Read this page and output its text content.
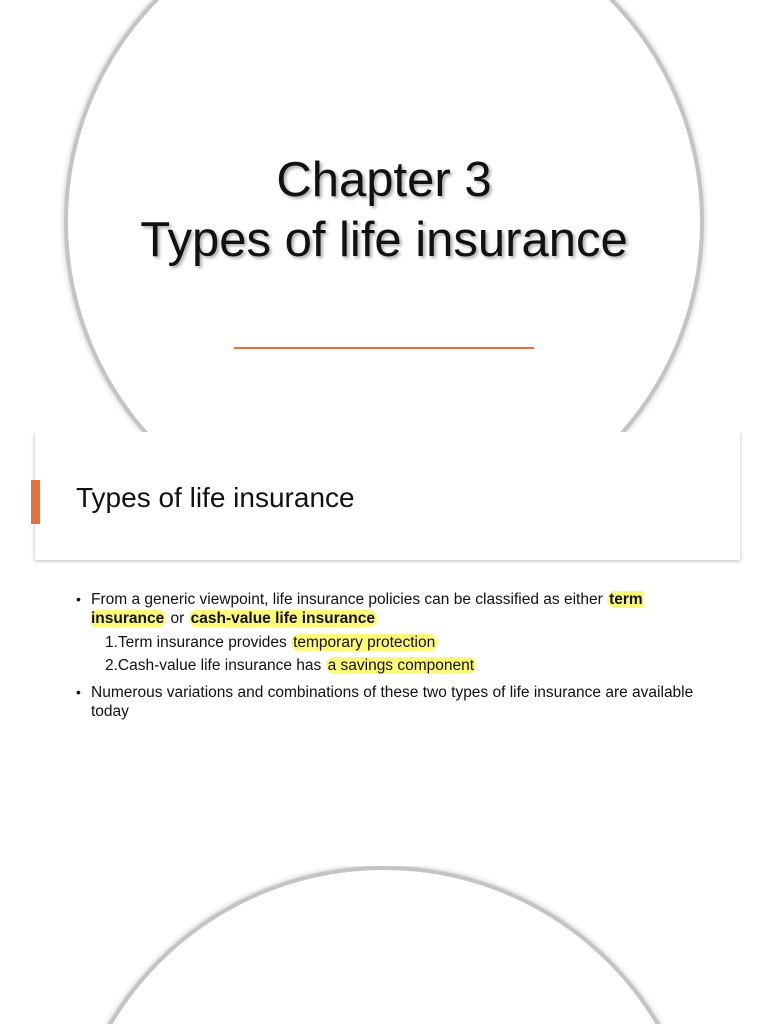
Chapter 3
Types of life insurance
Types of life insurance
• From a generic viewpoint, life insurance policies can be classified as either term insurance or cash-value life insurance
1.Term insurance provides temporary protection
2.Cash-value life insurance has a savings component
• Numerous variations and combinations of these two types of life insurance are available today
